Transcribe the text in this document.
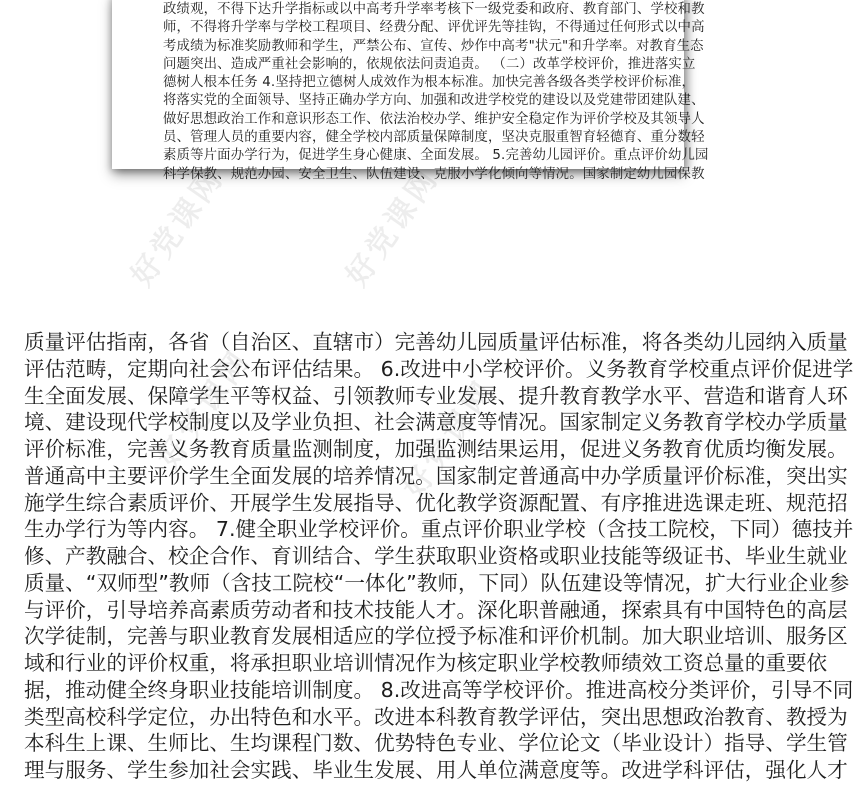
政绩观，不得下达升学指标或以中高考升学率考核下一级党委和政府、教育部门、学校和教
师，不得将升学率与学校工程项目、经费分配、评优评先等挂钩，不得通过任何形式以中高
考成绩为标准奖励教师和学生，严禁公布、宣传、炒作中高考"状元"和升学率。对教育生态
问题突出、造成严重社会影响的，依规依法问责追责。 （二）改革学校评价，推进落实立
德树人根本任务 4.坚持把立德树人成效作为根本标准。加快完善各级各类学校评价标准，
将落实党的全面领导、坚持正确办学方向、加强和改进学校党的建设以及党建带团建队建、
做好思想政治工作和意识形态工作、依法治校办学、维护安全稳定作为评价学校及其领导人
员、管理人员的重要内容，健全学校内部质量保障制度，坚决克服重智育轻德育、重分数轻
素质等片面办学行为，促进学生身心健康、全面发展。 5.完善幼儿园评价。重点评价幼儿园
科学保教、规范办园、安全卫生、队伍建设、克服小学化倾向等情况。国家制定幼儿园保教
好党课网	好党课网
好党课网	好党课网
质量评估指南，各省（自治区、直辖市）完善幼儿园质量评估标准，将各类幼儿园纳入质量
评估范畴，定期向社会公布评估结果。 6.改进中小学校评价。义务教育学校重点评价促进学
生全面发展、保障学生平等权益、引领教师专业发展、提升教育教学水平、营造和谐育人环
境、建设现代学校制度以及学业负担、社会满意度等情况。国家制定义务教育学校办学质量
评价标准，完善义务教育质量监测制度，加强监测结果运用，促进义务教育优质均衡发展。
普通高中主要评价学生全面发展的培养情况。国家制定普通高中办学质量评价标准，突出实
施学生综合素质评价、开展学生发展指导、优化教学资源配置、有序推进选课走班、规范招
生办学行为等内容。 7.健全职业学校评价。重点评价职业学校（含技工院校，下同）德技并
修、产教融合、校企合作、育训结合、学生获取职业资格或职业技能等级证书、毕业生就业
质量、“双师型”教师（含技工院校“一体化”教师，下同）队伍建设等情况，扩大行业企业参
与评价，引导培养高素质劳动者和技术技能人才。深化职普融通，探索具有中国特色的高层
次学徒制，完善与职业教育发展相适应的学位授予标准和评价机制。加大职业培训、服务区
域和行业的评价权重，将承担职业培训情况作为核定职业学校教师绩效工资总量的重要依
据，推动健全终身职业技能培训制度。 8.改进高等学校评价。推进高校分类评价，引导不同
类型高校科学定位，办出特色和水平。改进本科教育教学评估，突出思想政治教育、教授为
本科生上课、生师比、生均课程门数、优势特色专业、学位论文（毕业设计）指导、学生管
理与服务、学生参加社会实践、毕业生发展、用人单位满意度等。改进学科评估，强化人才
